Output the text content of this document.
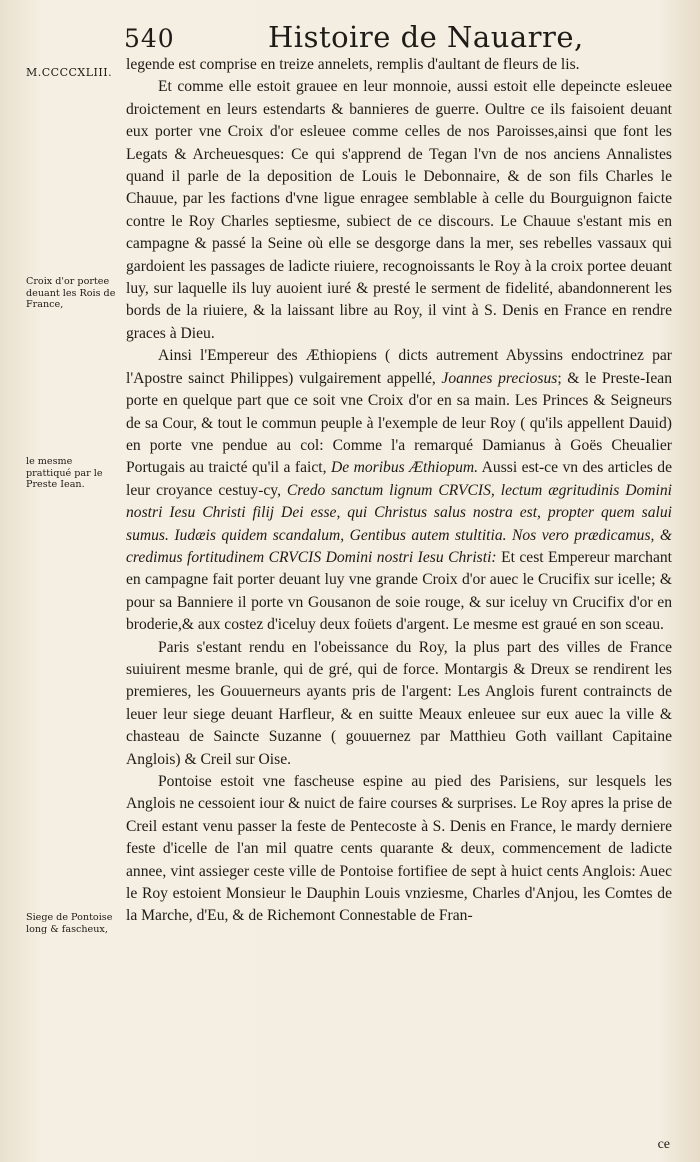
540	Histoire de Nauarre,
M.CCCCXLIII.
Croix d'or portee deuant les Rois de France,
le mesme prattiqué par le Preste Iean.
Siege de Pontoise long & fascheux,

legende est comprise en treize annelets, remplis d'aultant de fleurs de lis.

Et comme elle estoit grauee en leur monnoie, aussi estoit elle depeincte esleuee droictement en leurs estendarts & bannieres de guerre. Oultre ce ils faisoient deuant eux porter vne Croix d'or esleuee comme celles de nos Paroisses,ainsi que font les Legats & Archeuesques: Ce qui s'apprend de Tegan l'vn de nos anciens Annalistes quand il parle de la deposition de Louis le Debonnaire, & de son fils Charles le Chauue, par les factions d'vne ligue enragee semblable à celle du Bourguignon faicte contre le Roy Charles septiesme, subiect de ce discours. Le Chauue s'estant mis en campagne & passé la Seine où elle se desgorge dans la mer, ses rebelles vassaux qui gardoient les passages de ladicte riuiere, recognoissants le Roy à la croix portee deuant luy, sur laquelle ils luy auoient iuré & presté le serment de fidelité, abandonnerent les bords de la riuiere, & la laissant libre au Roy, il vint à S. Denis en France en rendre graces à Dieu.

Ainsi l'Empereur des Æthiopiens ( dicts autrement Abyssins endoctrinez par l'Apostre sainct Philippes) vulgairement appellé, Joannes preciosus; & le Preste-Iean porte en quelque part que ce soit vne Croix d'or en sa main. Les Princes & Seigneurs de sa Cour, & tout le commun peuple à l'exemple de leur Roy ( qu'ils appellent Dauid) en porte vne pendue au col: Comme l'a remarqué Damianus à Goës Cheualier Portugais au traicté qu'il a faict, De moribus Æthiopum. Aussi est-ce vn des articles de leur croyance cestuy-cy, Credo sanctum lignum CRVCIS, lectum ægritudinis Domini nostri Iesu Christi filij Dei esse, qui Christus salus nostra est, propter quem salui sumus. Iudæis quidem scandalum, Gentibus autem stultitia. Nos vero prædicamus, & credimus fortitudinem CRVCIS Domini nostri Iesu Christi: Et cest Empereur marchant en campagne fait porter deuant luy vne grande Croix d'or auec le Crucifix sur icelle; & pour sa Banniere il porte vn Gousanon de soie rouge, & sur iceluy vn Crucifix d'or en broderie,& aux costez d'iceluy deux foüets d'argent. Le mesme est graué en son sceau.

Paris s'estant rendu en l'obeissance du Roy, la plus part des villes de France suiuirent mesme branle, qui de gré, qui de force. Montargis & Dreux se rendirent les premieres, les Gouuerneurs ayants pris de l'argent: Les Anglois furent contraincts de leuer leur siege deuant Harfleur, & en suitte Meaux enleuee sur eux auec la ville & chasteau de Saincte Suzanne ( gouuernez par Matthieu Goth vaillant Capitaine Anglois) & Creil sur Oise.

Pontoise estoit vne fascheuse espine au pied des Parisiens, sur lesquels les Anglois ne cessoient iour & nuict de faire courses & surprises. Le Roy apres la prise de Creil estant venu passer la feste de Pentecoste à S. Denis en France, le mardy derniere feste d'icelle de l'an mil quatre cents quarante & deux, commencement de ladicte annee, vint assieger ceste ville de Pontoise fortifiee de sept à huict cents Anglois: Auec le Roy estoient Monsieur le Dauphin Louis vnziesme, Charles d'Anjou, les Comtes de la Marche, d'Eu, & de Richemont Connestable de Fran-

ce
